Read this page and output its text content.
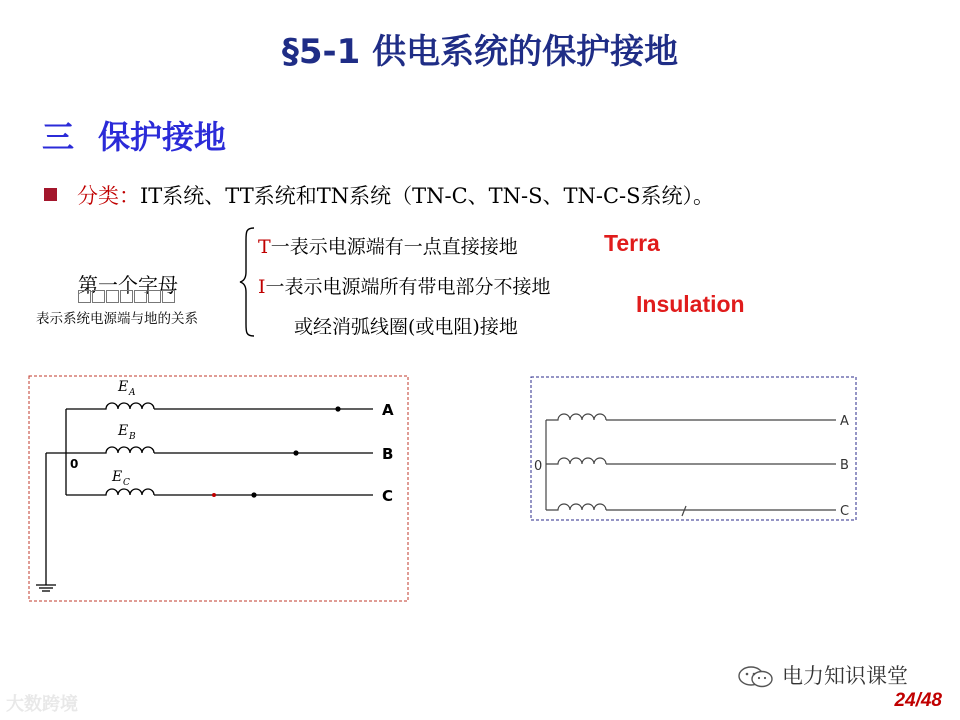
§5-1 供电系统的保护接地
三 保护接地
分类：IT系统、TT系统和TN系统（TN-C、TN-S、TN-C-S系统）。
第一个字母
表示系统电源端与地的关系
T一表示电源端有一点直接接地	Terra
I一表示电源端所有带电部分不接地
或经消弧线圈(或电阻)接地
Insulation
E A
E B
E C
0
A
B
C
0
A
B
C
电力知识课堂
24/48
大数跨境
